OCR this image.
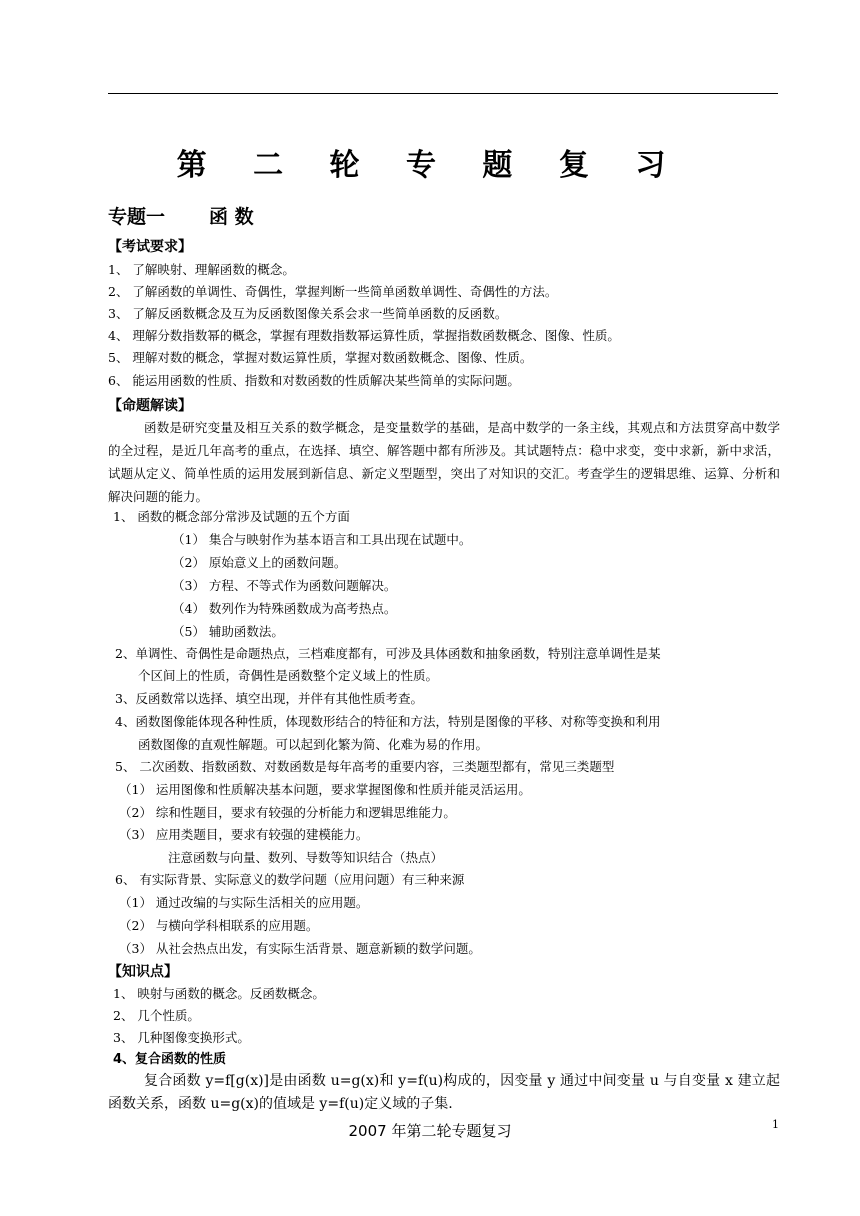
第 二 轮 专 题 复 习
专题一 函 数
【考试要求】
1、 了解映射、理解函数的概念。
2、 了解函数的单调性、奇偶性，掌握判断一些简单函数单调性、奇偶性的方法。
3、 了解反函数概念及互为反函数图像关系会求一些简单函数的反函数。
4、 理解分数指数幂的概念，掌握有理数指数幂运算性质，掌握指数函数概念、图像、性质。
5、 理解对数的概念，掌握对数运算性质，掌握对数函数概念、图像、性质。
6、 能运用函数的性质、指数和对数函数的性质解决某些简单的实际问题。
【命题解读】
函数是研究变量及相互关系的数学概念，是变量数学的基础，是高中数学的一条主线，其观点和方法贯穿高中数学的全过程，是近几年高考的重点，在选择、填空、解答题中都有所涉及。其试题特点：稳中求变，变中求新，新中求活，试题从定义、简单性质的运用发展到新信息、新定义型题型，突出了对知识的交汇。考查学生的逻辑思维、运算、分析和解决问题的能力。
1、 函数的概念部分常涉及试题的五个方面
（1） 集合与映射作为基本语言和工具出现在试题中。
（2） 原始意义上的函数问题。
（3） 方程、不等式作为函数问题解决。
（4） 数列作为特殊函数成为高考热点。
（5） 辅助函数法。
2、单调性、奇偶性是命题热点，三档难度都有，可涉及具体函数和抽象函数，特别注意单调性是某
个区间上的性质，奇偶性是函数整个定义域上的性质。
3、反函数常以选择、填空出现，并伴有其他性质考查。
4、函数图像能体现各种性质，体现数形结合的特征和方法，特别是图像的平移、对称等变换和利用
函数图像的直观性解题。可以起到化繁为简、化难为易的作用。
5、 二次函数、指数函数、对数函数是每年高考的重要内容，三类题型都有，常见三类题型
（1） 运用图像和性质解决基本问题，要求掌握图像和性质并能灵活运用。
（2） 综和性题目，要求有较强的分析能力和逻辑思维能力。
（3） 应用类题目，要求有较强的建模能力。
注意函数与向量、数列、导数等知识结合（热点）
6、 有实际背景、实际意义的数学问题（应用问题）有三种来源
（1） 通过改编的与实际生活相关的应用题。
（2） 与横向学科相联系的应用题。
（3） 从社会热点出发，有实际生活背景、题意新颖的数学问题。
【知识点】
1、 映射与函数的概念。反函数概念。
2、 几个性质。
3、 几种图像变换形式。
4、复合函数的性质
复合函数 y=f[g(x)]是由函数 u=g(x)和 y=f(u)构成的，因变量 y 通过中间变量 u 与自变量 x 建立起函数关系，函数 u=g(x)的值域是 y=f(u)定义域的子集.
2007 年第二轮专题复习	1
